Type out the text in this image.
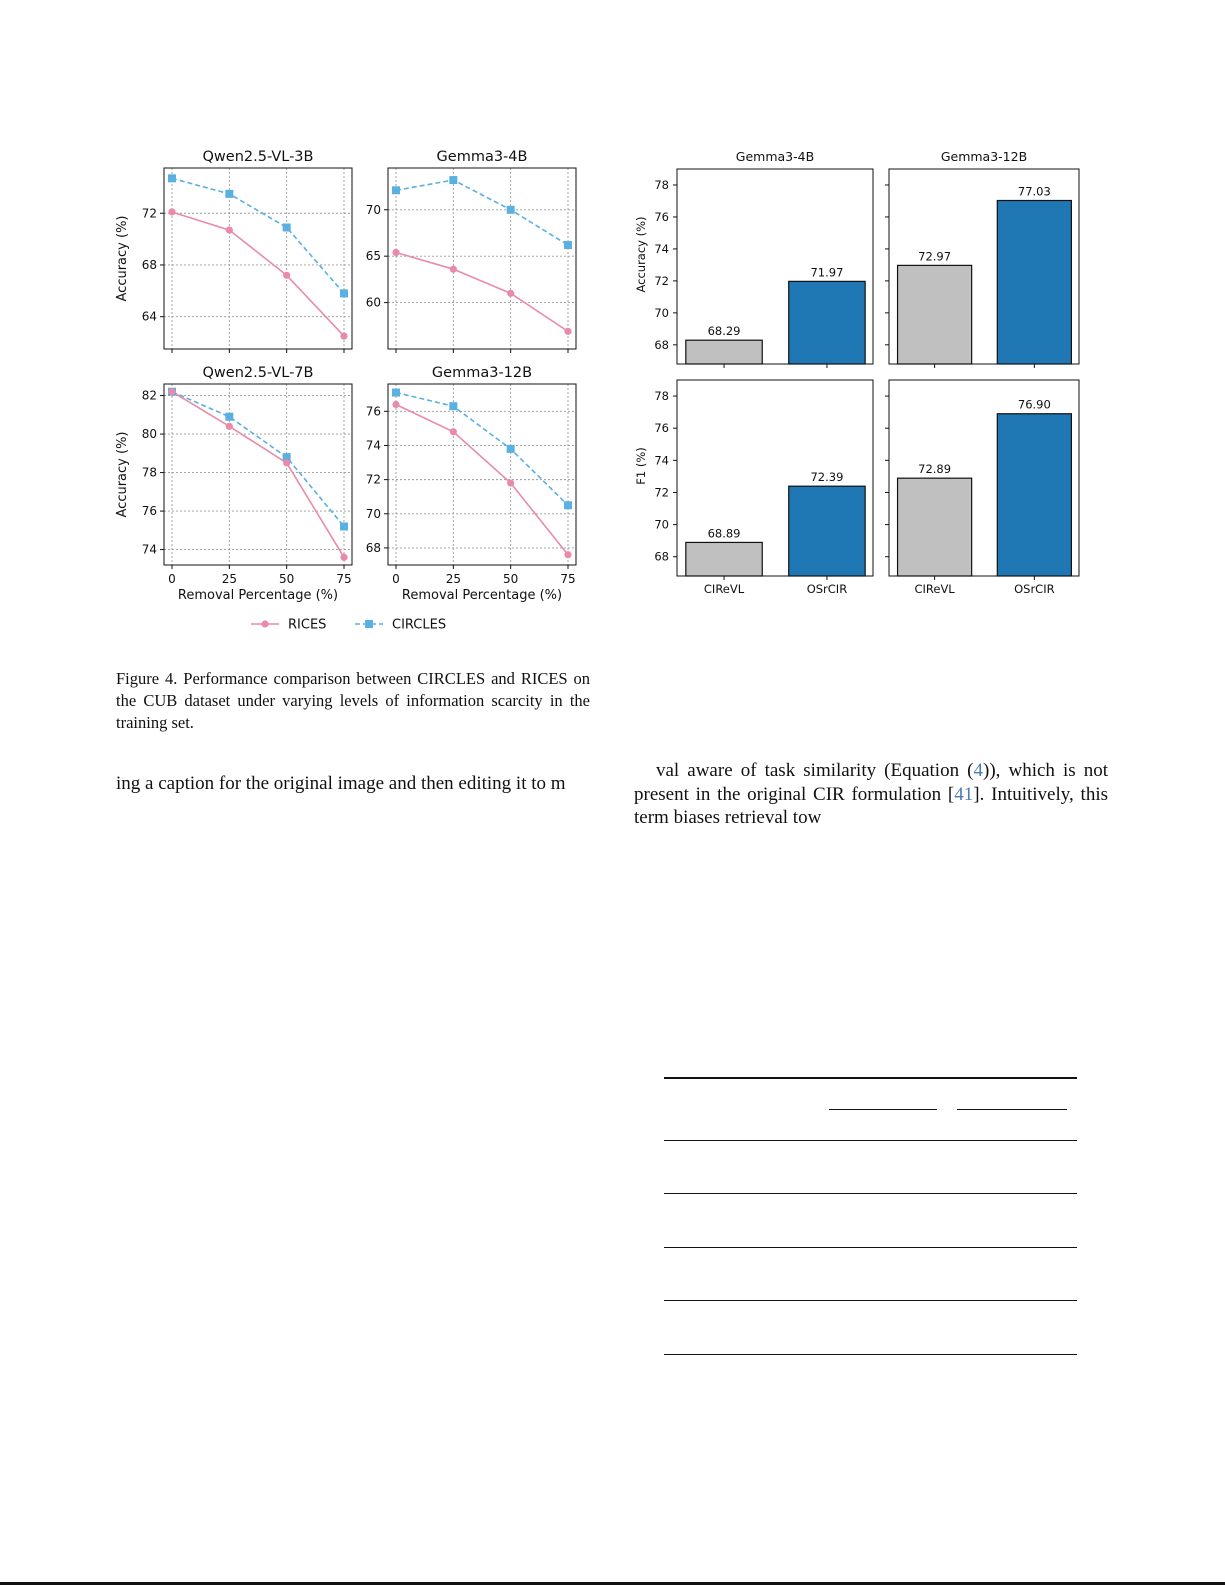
64
68
72
Qwen2.5-VL-3B
Accuracy (%)
60
65
70
Gemma3-4B
74
76
78
80
82
0	25	50	75
Qwen2.5-VL-7B
Accuracy (%)
Removal Percentage (%)
68
70
72
74
76
0	25	50	75
Gemma3-12B
Removal Percentage (%)
RICES	CIRCLES
68
70
72
74
76
78
68.29
71.97
Gemma3-4B
Accuracy (%)	72.97
77.03
Gemma3-12B
68
70
72
74
76
78
68.89
CIReVL
72.39
OSrCIR
F1 (%)	72.89
CIReVL
76.90
OSrCIR
Figure 4. Performance comparison between CIRCLES and RICES on the CUB dataset under varying levels of information scarcity in the training set.
ing a caption for the original image and then editing it to m
val aware of task similarity (Equation (4)), which is not present in the original CIR formulation [41]. Intuitively, this term biases retrieval tow
